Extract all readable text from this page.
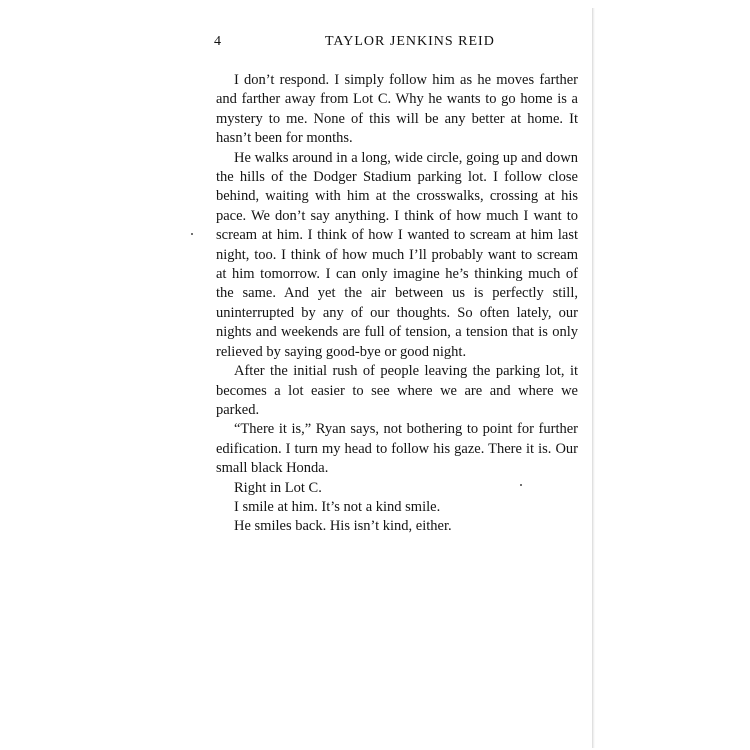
4	TAYLOR JENKINS REID

I don’t respond. I simply follow him as he moves farther and farther away from Lot C. Why he wants to go home is a mystery to me. None of this will be any better at home. It hasn’t been for months.

He walks around in a long, wide circle, going up and down the hills of the Dodger Stadium parking lot. I follow close behind, waiting with him at the crosswalks, crossing at his pace. We don’t say anything. I think of how much I want to scream at him. I think of how I wanted to scream at him last night, too. I think of how much I’ll probably want to scream at him tomorrow. I can only imagine he’s thinking much of the same. And yet the air between us is perfectly still, uninterrupted by any of our thoughts. So often lately, our nights and weekends are full of tension, a tension that is only relieved by saying good-bye or good night.

After the initial rush of people leaving the parking lot, it becomes a lot easier to see where we are and where we parked.

“There it is,” Ryan says, not bothering to point for further edification. I turn my head to follow his gaze. There it is. Our small black Honda.

Right in Lot C.

I smile at him. It’s not a kind smile.

He smiles back. His isn’t kind, either.
